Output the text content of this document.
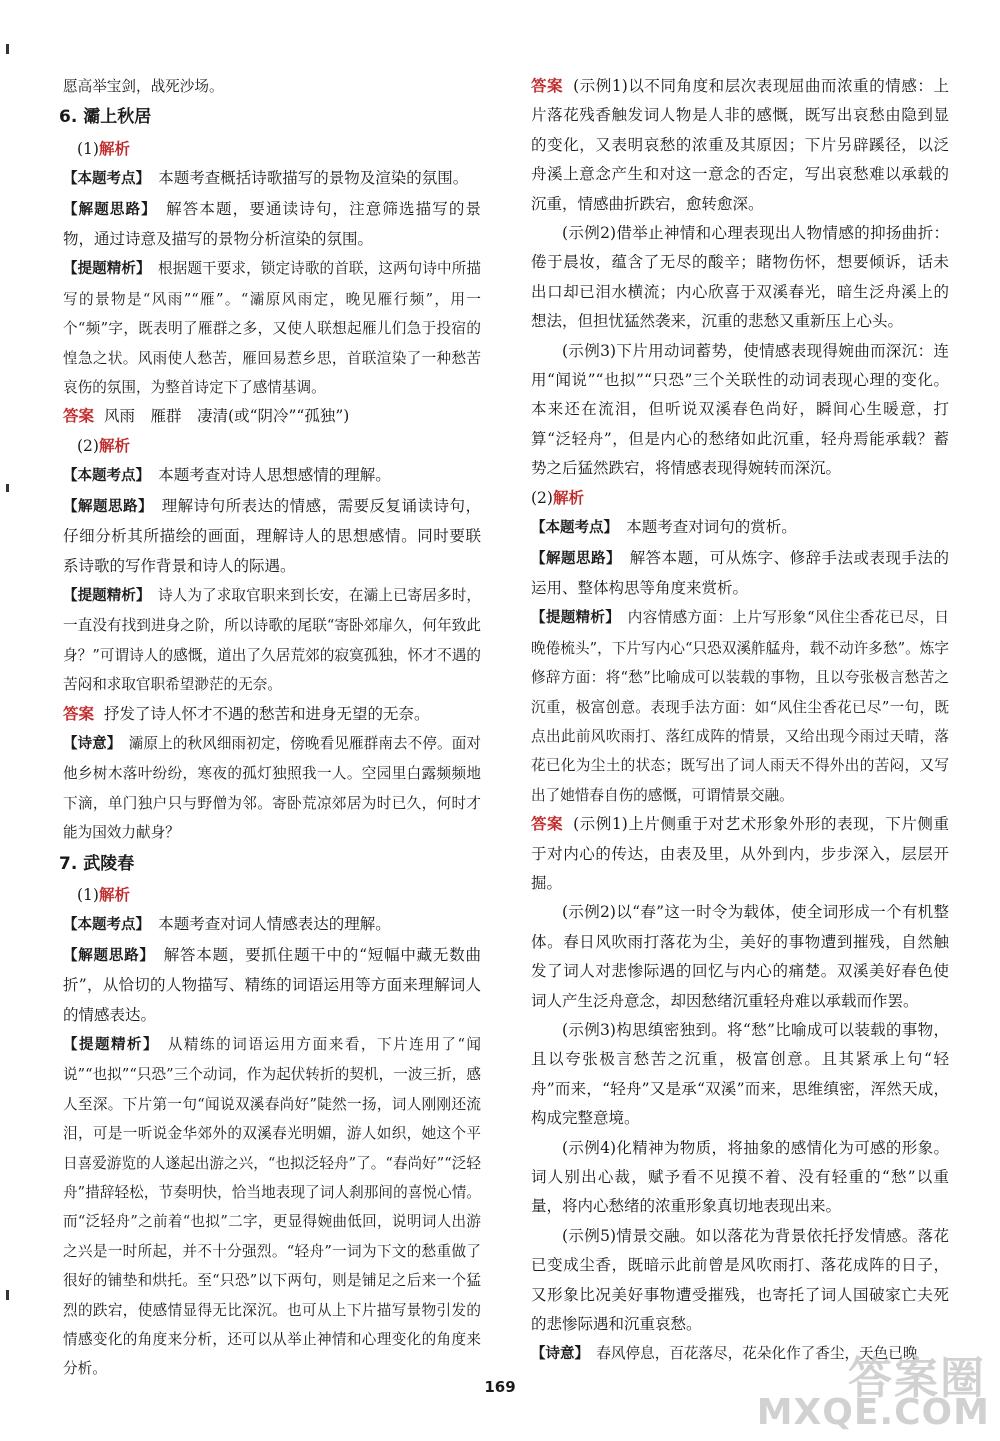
愿高举宝剑，战死沙场。

6. 灞上秋居
(1)解析

【本题考点】　 本题考查概括诗歌描写的景物及渲染的氛围。

【解题思路】　 解答本题，要通读诗句，注意筛选描写的景物，通过诗意及描写的景物分析渲染的氛围。

【提题精析】　 根据题干要求，锁定诗歌的首联，这两句诗中所描写的景物是“风雨”“雁”。“灞原风雨定，晚见雁行频”，用一个“频”字，既表明了雁群之多，又使人联想起雁儿们急于投宿的惶急之状。风雨使人愁苦，雁回易惹乡思，首联渲染了一种愁苦哀伤的氛围，为整首诗定下了感情基调。

答案 风雨　雁群　凄清(或“阴冷”“孤独”)

(2)解析

【本题考点】　 本题考查对诗人思想感情的理解。

【解题思路】　 理解诗句所表达的情感，需要反复诵读诗句，仔细分析其所描绘的画面，理解诗人的思想感情。同时要联系诗歌的写作背景和诗人的际遇。

【提题精析】　 诗人为了求取官职来到长安，在灞上已寄居多时，一直没有找到进身之阶，所以诗歌的尾联“寄卧郊扉久，何年致此身？”可谓诗人的感慨，道出了久居荒郊的寂寞孤独，怀才不遇的苦闷和求取官职希望渺茫的无奈。

答案 抒发了诗人怀才不遇的愁苦和进身无望的无奈。

【诗意】　 灞原上的秋风细雨初定，傍晚看见雁群南去不停。面对他乡树木落叶纷纷，寒夜的孤灯独照我一人。空园里白露频频地下滴，单门独户只与野僧为邻。寄卧荒凉郊居为时已久，何时才能为国效力献身？

7. 武陵春
(1)解析

【本题考点】　 本题考查对词人情感表达的理解。

【解题思路】　 解答本题，要抓住题干中的“短幅中藏无数曲折”，从恰切的人物描写、精练的词语运用等方面来理解词人的情感表达。

【提题精析】　 从精练的词语运用方面来看，下片连用了“闻说”“也拟”“只恐”三个动词，作为起伏转折的契机，一波三折，感人至深。下片第一句“闻说双溪春尚好”陡然一扬，词人刚刚还流泪，可是一听说金华郊外的双溪春光明媚，游人如织，她这个平日喜爱游览的人遂起出游之兴，“也拟泛轻舟”了。“春尚好”“泛轻舟”措辞轻松，节奏明快，恰当地表现了词人刹那间的喜悦心情。而“泛轻舟”之前着“也拟”二字，更显得婉曲低回，说明词人出游之兴是一时所起，并不十分强烈。“轻舟”一词为下文的愁重做了很好的铺垫和烘托。至“只恐”以下两句，则是铺足之后来一个猛烈的跌宕，使感情显得无比深沉。也可从上下片描写景物引发的情感变化的角度来分析，还可以从举止神情和心理变化的角度来分析。

答案 (示例1)以不同角度和层次表现屈曲而浓重的情感：上片落花残香触发词人物是人非的感慨，既写出哀愁由隐到显的变化，又表明哀愁的浓重及其原因；下片另辟蹊径，以泛舟溪上意念产生和对这一意念的否定，写出哀愁难以承载的沉重，情感曲折跌宕，愈转愈深。

(示例2)借举止神情和心理表现出人物情感的抑扬曲折：倦于晨妆，蕴含了无尽的酸辛；睹物伤怀，想要倾诉，话未出口却已泪水横流；内心欣喜于双溪春光，暗生泛舟溪上的想法，但担忧猛然袭来，沉重的悲愁又重新压上心头。

(示例3)下片用动词蓄势，使情感表现得婉曲而深沉：连用“闻说”“也拟”“只恐”三个关联性的动词表现心理的变化。本来还在流泪，但听说双溪春色尚好，瞬间心生暖意，打算“泛轻舟”，但是内心的愁绪如此沉重，轻舟焉能承载？蓄势之后猛然跌宕，将情感表现得婉转而深沉。

(2)解析

【本题考点】　 本题考查对词句的赏析。

【解题思路】　 解答本题，可从炼字、修辞手法或表现手法的运用、整体构思等角度来赏析。

【提题精析】　 内容情感方面：上片写形象“风住尘香花已尽，日晚倦梳头”，下片写内心“只恐双溪舴艋舟，载不动许多愁”。炼字修辞方面：将“愁”比喻成可以装载的事物，且以夸张极言愁苦之沉重，极富创意。表现手法方面：如“风住尘香花已尽”一句，既点出此前风吹雨打、落红成阵的情景，又给出现今雨过天晴，落花已化为尘土的状态；既写出了词人雨天不得外出的苦闷，又写出了她惜春自伤的感慨，可谓情景交融。

答案 (示例1)上片侧重于对艺术形象外形的表现，下片侧重于对内心的传达，由表及里，从外到内，步步深入，层层开掘。

(示例2)以“春”这一时令为载体，使全词形成一个有机整体。春日风吹雨打落花为尘，美好的事物遭到摧残，自然触发了词人对悲惨际遇的回忆与内心的痛楚。双溪美好春色使词人产生泛舟意念，却因愁绪沉重轻舟难以承载而作罢。

(示例3)构思缜密独到。将“愁”比喻成可以装载的事物，且以夸张极言愁苦之沉重，极富创意。且其紧承上句“轻舟”而来，“轻舟”又是承“双溪”而来，思维缜密，浑然天成，构成完整意境。

(示例4)化精神为物质，将抽象的感情化为可感的形象。词人别出心裁，赋予看不见摸不着、没有轻重的“愁”以重量，将内心愁绪的浓重形象真切地表现出来。

(示例5)情景交融。如以落花为背景依托抒发情感。落花已变成尘香，既暗示此前曾是风吹雨打、落花成阵的日子，又形象比况美好事物遭受摧残，也寄托了词人国破家亡夫死的悲惨际遇和沉重哀愁。

【诗意】　 春风停息，百花落尽，花朵化作了香尘，天色已晚

169	答案圈
MXQE.COM
